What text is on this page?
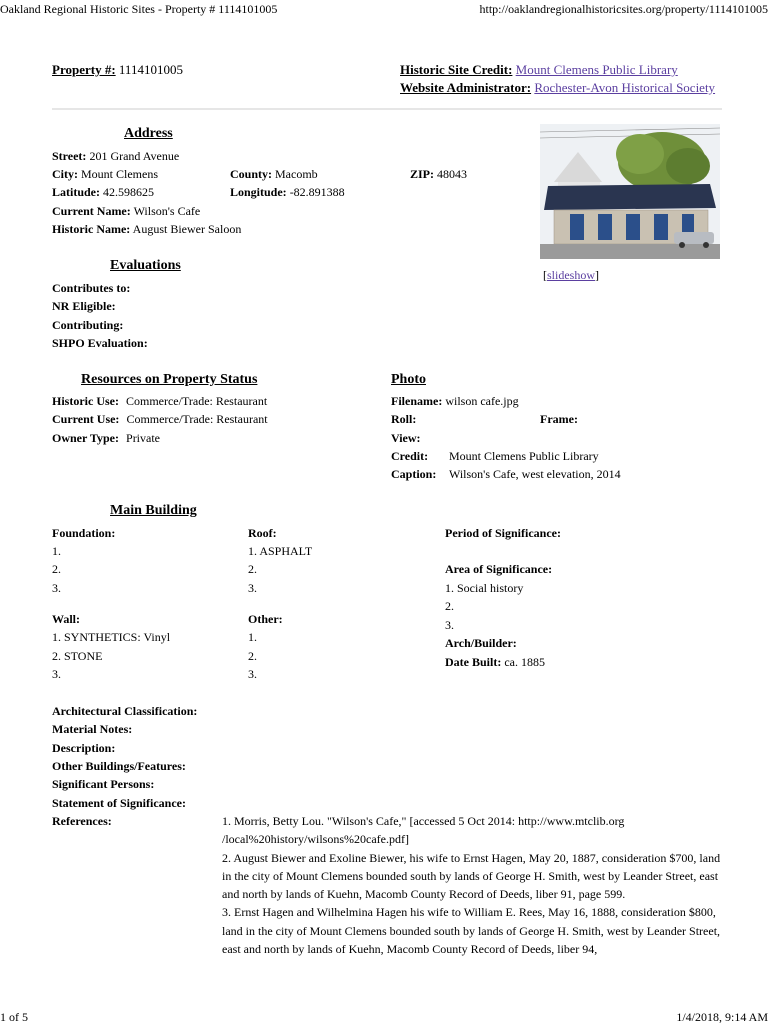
Oakland Regional Historic Sites - Property # 1114101005	http://oaklandregionalhistoricsites.org/property/1114101005
Property #: 1114101005	Historic Site Credit: Mount Clemens Public Library
Website Administrator: Rochester-Avon Historical Society
Address
Street: 201 Grand Avenue
City: Mount Clemens	County: Macomb	ZIP: 48043
Latitude: 42.598625	Longitude: -82.891388
Current Name: Wilson's Cafe
Historic Name: August Biewer Saloon
[slideshow]
Evaluations
Contributes to:
NR Eligible:
Contributing:
SHPO Evaluation:
Resources on Property Status
Historic Use: Commerce/Trade: Restaurant
Current Use: Commerce/Trade: Restaurant
Owner Type: Private
Photo
Filename: wilson cafe.jpg
Roll:	Frame:
View:
Credit: Mount Clemens Public Library
Caption: Wilson's Cafe, west elevation, 2014
Main Building
Foundation:
1.
2.
3.
Roof:
1. ASPHALT
2.
3.
Wall:
1. SYNTHETICS: Vinyl
2. STONE
3.
Other:
1.
2.
3.
Period of Significance:
Area of Significance:
1. Social history
2.
3.
Arch/Builder:
Date Built: ca. 1885
Architectural Classification:
Material Notes:
Description:
Other Buildings/Features:
Significant Persons:
Statement of Significance:
References:	1. Morris, Betty Lou. "Wilson's Cafe," [accessed 5 Oct 2014: http://www.mtclib.org /local%20history/wilsons%20cafe.pdf]

2. August Biewer and Exoline Biewer, his wife to Ernst Hagen, May 20, 1887, consideration $700, land in the city of Mount Clemens bounded south by lands of George H. Smith, west by Leander Street, east and north by lands of Kuehn, Macomb County Record of Deeds, liber 91, page 599.

3. Ernst Hagen and Wilhelmina Hagen his wife to William E. Rees, May 16, 1888, consideration $800, land in the city of Mount Clemens bounded south by lands of George H. Smith, west by Leander Street, east and north by lands of Kuehn, Macomb County Record of Deeds, liber 94,

1 of 5	1/4/2018, 9:14 AM
